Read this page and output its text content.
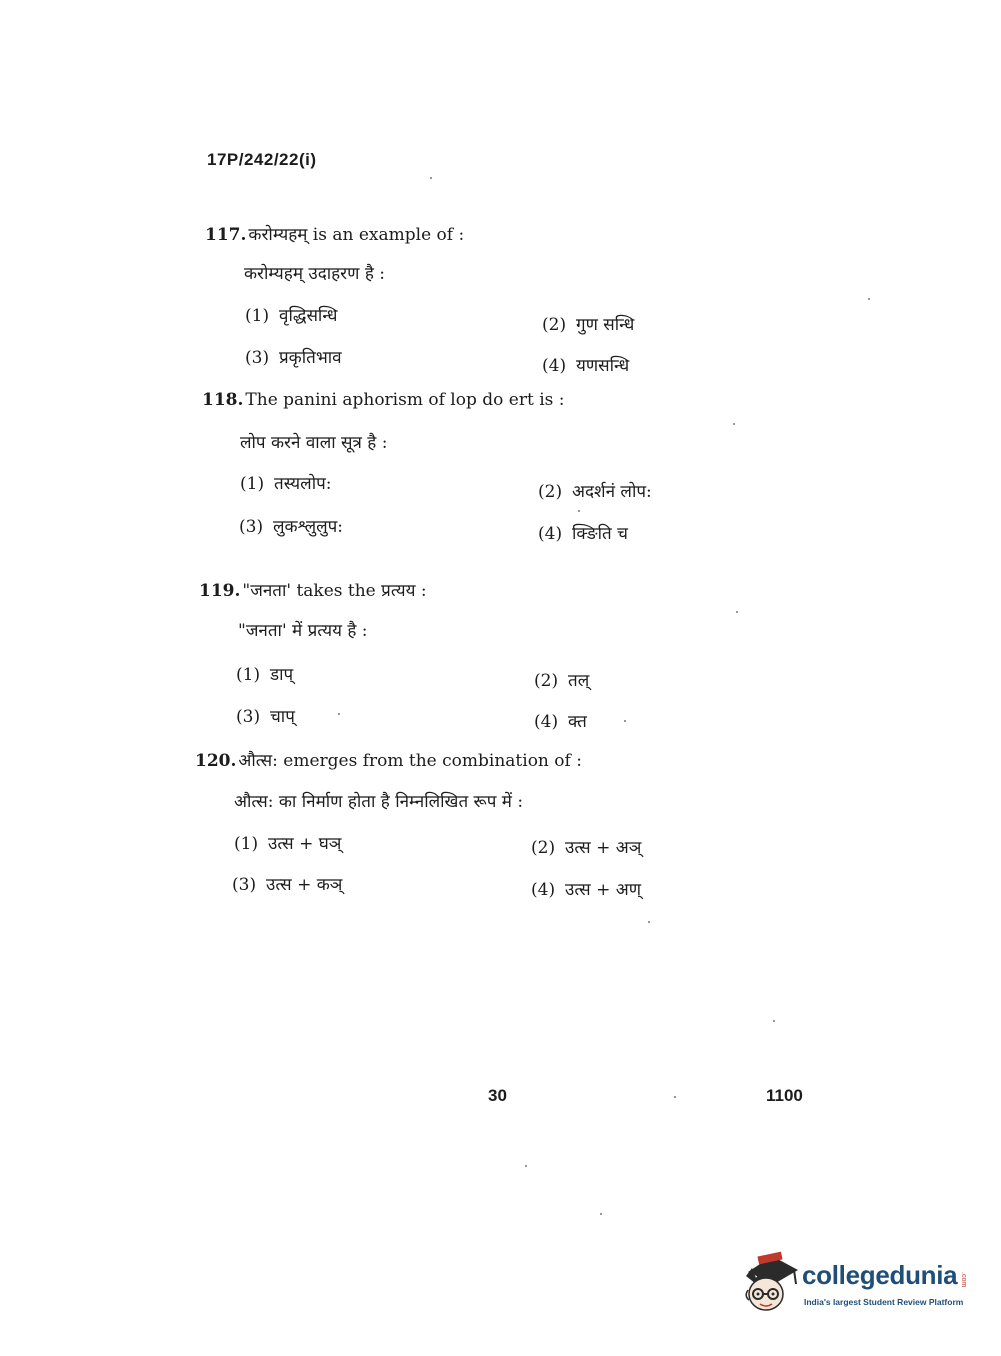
17P/242/22(i)
117. करोम्यहम् is an example of :
करोम्यहम् उदाहरण है :
(1) वृद्धिसन्धि	(2) गुण सन्धि
(3) प्रकृतिभाव	(4) यणसन्धि
118. The panini aphorism of lop do ert is :
लोप करने वाला सूत्र है :
(1) तस्यलोप:	(2) अदर्शनं लोप:
(3) लुकश्लुलुप:	(4) क्ङिति च
119. "जनता' takes the प्रत्यय :
"जनता' में प्रत्यय है :
(1) डाप्	(2) तल्
(3) चाप्	(4) क्त
120. औत्स: emerges from the combination of :
औत्स: का निर्माण होता है निम्नलिखित रूप में :
(1) उत्स + घञ्	(2) उत्स + अञ्
(3) उत्स + कञ्	(4) उत्स + अण्
30	1100
collegedunia .com
India's largest Student Review Platform
